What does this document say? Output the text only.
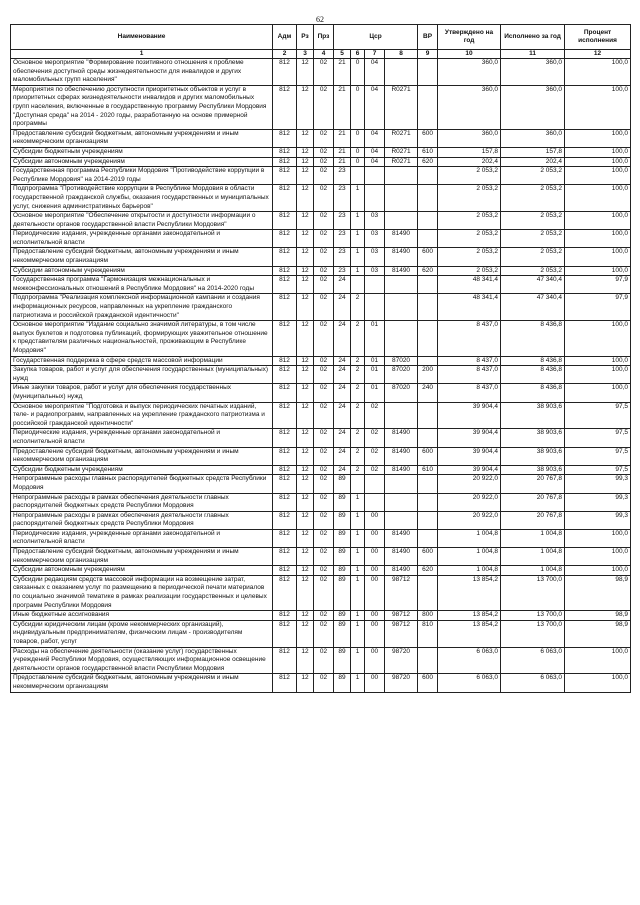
62
Наименование	Адм	Рз	Прз	Цср				ВР	Утверждено на год	Исполнено за год	Процент исполнения
1	2	3	4	5	6	7	8	9	10	11	12
Основное мероприятие "Формирование позитивного отношения к проблеме обеспечения доступной среды жизнедеятельности для инвалидов и других маломобильных групп населения"	812	12	02	21	0	04			360,0	360,0	100,0
Мероприятия по обеспечению доступности приоритетных объектов и услуг в приоритетных сферах жизнедеятельности инвалидов и других маломобильных групп населения, включенные в государственную программу Республики Мордовия "Доступная среда" на 2014 - 2020 годы, разработанную на основе примерной программы	812	12	02	21	0	04	R0271		360,0	360,0	100,0
Предоставление субсидий бюджетным, автономным учреждениям и иным некоммерческим организациям	812	12	02	21	0	04	R0271	600	360,0	360,0	100,0
Субсидии бюджетным учреждениям	812	12	02	21	0	04	R0271	610	157,8	157,8	100,0
Субсидии автономным учреждениям	812	12	02	21	0	04	R0271	620	202,4	202,4	100,0
Государственная программа Республики Мордовия "Противодействие коррупции в Республике Мордовия" на 2014-2019 годы	812	12	02	23					2 053,2	2 053,2	100,0
Подпрограмма "Противодействие коррупции в Республике Мордовия в области государственной гражданской службы, оказания государственных и муниципальных услуг, снижения административных барьеров"	812	12	02	23	1				2 053,2	2 053,2	100,0
Основное мероприятие "Обеспечение открытости и доступности информации о деятельности органов государственной власти Республики Мордовия"	812	12	02	23	1	03			2 053,2	2 053,2	100,0
Периодические издания, учрежденные органами законодательной и исполнительной власти	812	12	02	23	1	03	81490		2 053,2	2 053,2	100,0
Предоставление субсидий бюджетным, автономным учреждениям и иным некоммерческим организациям	812	12	02	23	1	03	81490	600	2 053,2	2 053,2	100,0
Субсидии автономным учреждениям	812	12	02	23	1	03	81490	620	2 053,2	2 053,2	100,0
Государственная программа "Гармонизация межнациональных и межконфессиональных отношений в Республике Мордовия" на 2014-2020 годы	812	12	02	24					48 341,4	47 340,4	97,9
Подпрограмма "Реализация комплексной информационной кампании и создания информационных ресурсов, направленных на укрепление гражданского патриотизма и российской гражданской идентичности"	812	12	02	24	2				48 341,4	47 340,4	97,9
Основное мероприятие "Издание социально значимой литературы, в том числе выпуск буклетов и подготовка публикаций, формирующих уважительное отношение к представителям различных национальностей, проживающим в Республике Мордовия"	812	12	02	24	2	01			8 437,0	8 436,8	100,0
Государственная поддержка в сфере средств массовой информации	812	12	02	24	2	01	87020		8 437,0	8 436,8	100,0
Закупка товаров, работ и услуг для обеспечения государственных (муниципальных) нужд	812	12	02	24	2	01	87020	200	8 437,0	8 436,8	100,0
Иные закупки товаров, работ и услуг для обеспечения государственных (муниципальных) нужд	812	12	02	24	2	01	87020	240	8 437,0	8 436,8	100,0
Основное мероприятие "Подготовка и выпуск периодических печатных изданий, теле- и радиопрограмм, направленных на укрепление гражданского патриотизма и российской гражданской идентичности"	812	12	02	24	2	02			39 904,4	38 903,6	97,5
Периодические издания, учрежденные органами законодательной и исполнительной власти	812	12	02	24	2	02	81490		39 904,4	38 903,6	97,5
Предоставление субсидий бюджетным, автономным учреждениям и иным некоммерческим организациям	812	12	02	24	2	02	81490	600	39 904,4	38 903,6	97,5
Субсидии бюджетным учреждениям	812	12	02	24	2	02	81490	610	39 904,4	38 903,6	97,5
Непрограммные расходы главных распорядителей бюджетных средств Республики Мордовия	812	12	02	89					20 922,0	20 767,8	99,3
Непрограммные расходы в рамках обеспечения деятельности главных распорядителей бюджетных средств Республики Мордовия	812	12	02	89	1				20 922,0	20 767,8	99,3
Непрограммные расходы в рамках обеспечения деятельности главных распорядителей бюджетных средств Республики Мордовия	812	12	02	89	1	00			20 922,0	20 767,8	99,3
Периодические издания, учрежденные органами законодательной и исполнительной власти	812	12	02	89	1	00	81490		1 004,8	1 004,8	100,0
Предоставление субсидий бюджетным, автономным учреждениям и иным некоммерческим организациям	812	12	02	89	1	00	81490	600	1 004,8	1 004,8	100,0
Субсидии автономным учреждениям	812	12	02	89	1	00	81490	620	1 004,8	1 004,8	100,0
Субсидии редакциям средств массовой информации на возмещение затрат, связанных с оказанием услуг по размещению в периодической печати материалов по социально значимой тематике в рамках реализации государственных и целевых программ Республики Мордовия	812	12	02	89	1	00	98712		13 854,2	13 700,0	98,9
Иные бюджетные ассигнования	812	12	02	89	1	00	98712	800	13 854,2	13 700,0	98,9
Субсидии юридическим лицам (кроме некоммерческих организаций), индивидуальным предпринимателям, физическим лицам - производителям товаров, работ, услуг	812	12	02	89	1	00	98712	810	13 854,2	13 700,0	98,9
Расходы на обеспечение деятельности (оказание услуг) государственных учреждений Республики Мордовия, осуществляющих информационное освещение деятельности органов государственной власти Республики Мордовия	812	12	02	89	1	00	98720		6 063,0	6 063,0	100,0
Предоставление субсидий бюджетным, автономным учреждениям и иным некоммерческим организациям	812	12	02	89	1	00	98720	600	6 063,0	6 063,0	100,0
